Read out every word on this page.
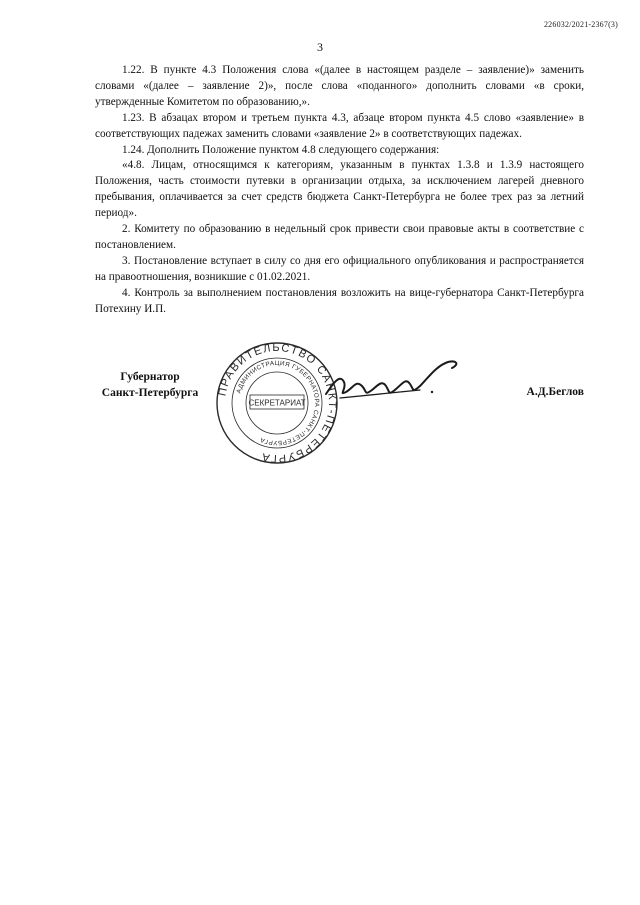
226032/2021-2367(3)
3

1.22. В пункте 4.3 Положения слова «(далее в настоящем разделе – заявление)» заменить словами «(далее – заявление 2)», после слова «поданного» дополнить словами «в сроки, утвержденные Комитетом по образованию,».

1.23. В абзацах втором и третьем пункта 4.3, абзаце втором пункта 4.5 слово «заявление» в соответствующих падежах заменить словами «заявление 2» в соответствующих падежах.

1.24. Дополнить Положение пунктом 4.8 следующего содержания:

«4.8. Лицам, относящимся к категориям, указанным в пунктах 1.3.8 и 1.3.9 настоящего Положения, часть стоимости путевки в организации отдыха, за исключением лагерей дневного пребывания, оплачивается за счет средств бюджета Санкт-Петербурга не более трех раз за летний период».

2. Комитету по образованию в недельный срок привести свои правовые акты в соответствие с постановлением.

3. Постановление вступает в силу со дня его официального опубликования и распространяется на правоотношения, возникшие с 01.02.2021.

4. Контроль за выполнением постановления возложить на вице-губернатора Санкт-Петербурга Потехину И.П.

Губернатор
Санкт-Петербурга	ПРАВИТЕЛЬСТВО САНКТ-ПЕТЕРБУРГА
АДМИНИСТРАЦИЯ ГУБЕРНАТОРА САНКТ-ПЕТЕРБУРГА
СЕКРЕТАРИАТ
А.Д.Беглов
